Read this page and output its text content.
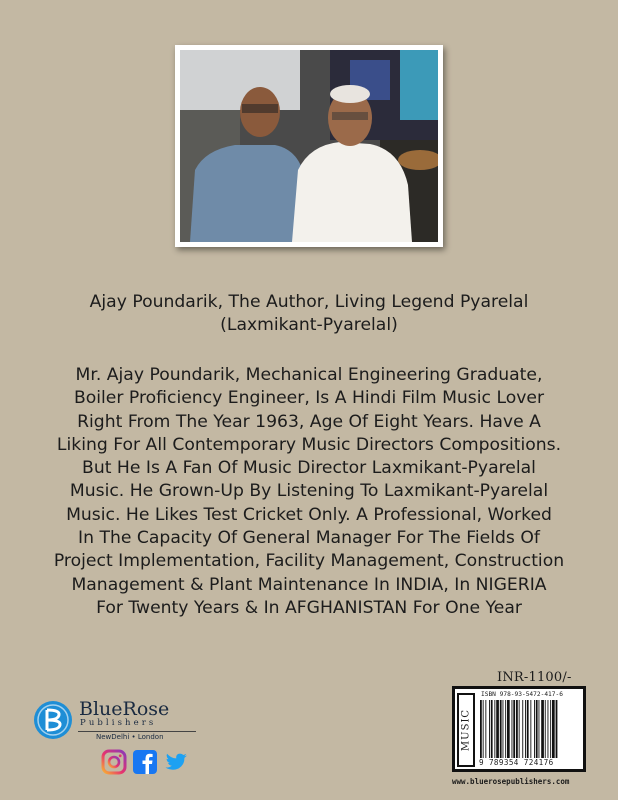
Ajay Poundarik, The Author, Living Legend Pyarelal
(Laxmikant-Pyarelal)
Mr. Ajay Poundarik, Mechanical Engineering Graduate,
Boiler Proficiency Engineer, Is A Hindi Film Music Lover
Right From The Year 1963, Age Of Eight Years. Have A
Liking For All Contemporary Music Directors Compositions.
But He Is A Fan Of Music Director Laxmikant-Pyarelal
Music. He Grown-Up By Listening To Laxmikant-Pyarelal
Music. He Likes Test Cricket Only. A Professional, Worked
In The Capacity Of General Manager For The Fields Of
Project Implementation, Facility Management, Construction
Management & Plant Maintenance In INDIA, In NIGERIA
For Twenty Years & In AFGHANISTAN For One Year
INR-1100/-
MUSIC
ISBN 978-93-5472-417-6
9 789354 724176
www.bluerosepublishers.com
BlueRose
Publishers
NewDelhi • London
